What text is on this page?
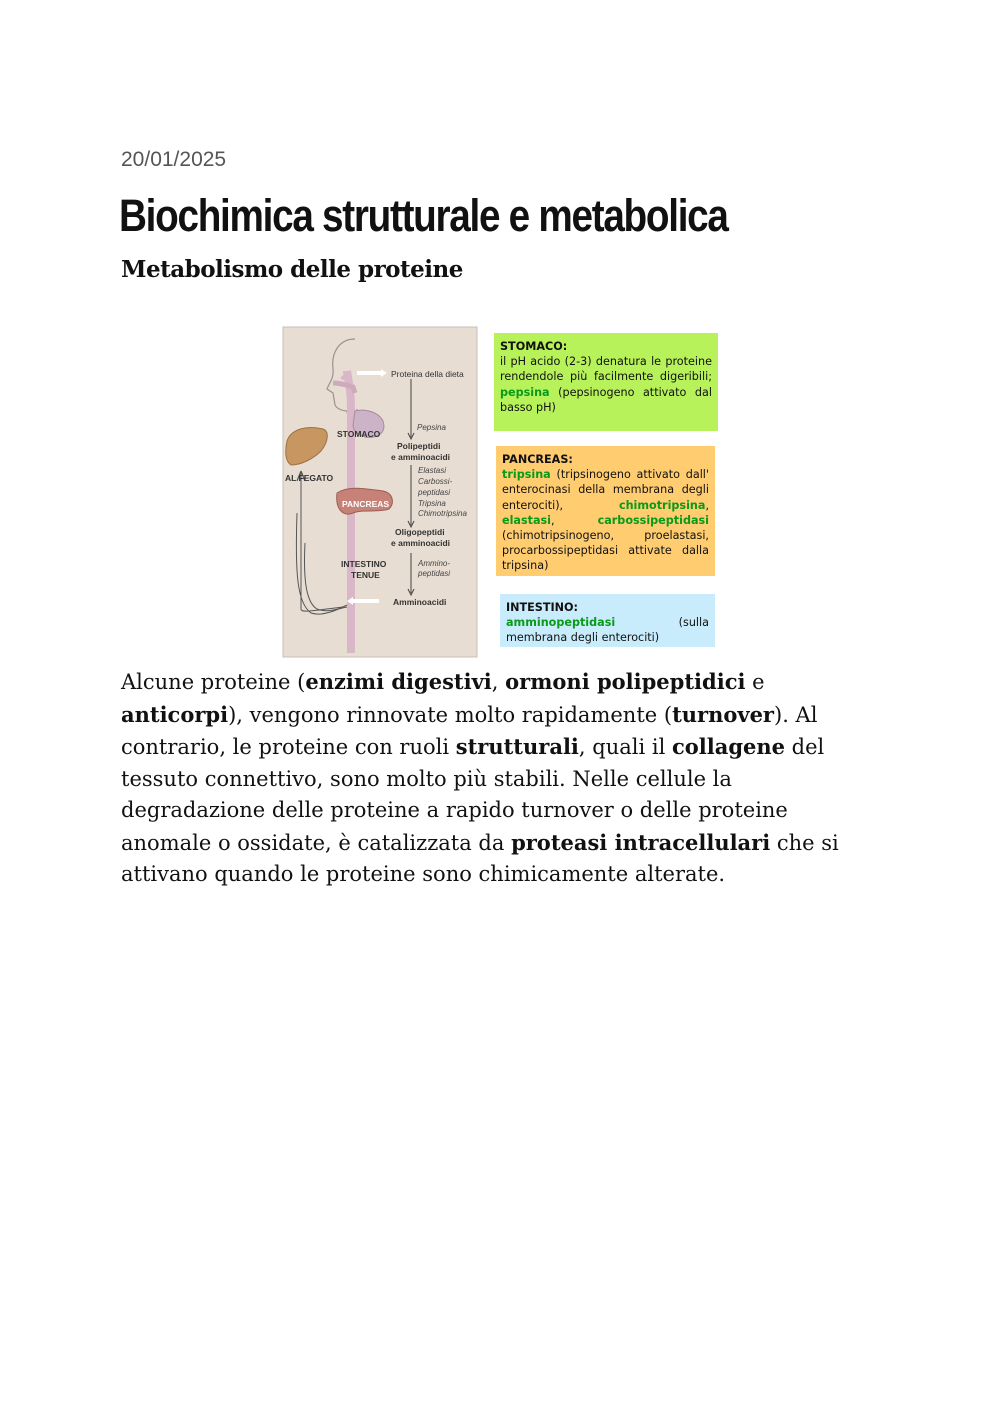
20/01/2025
Biochimica strutturale e metabolica
Metabolismo delle proteine
Proteina della dieta
Pepsina
STOMACO
Polipeptidi
e amminoacidi
AL FEGATO
Elastasi
Carbossi-
peptidasi
Tripsina
Chimotripsina
PANCREAS
Oligopeptidi
e amminoacidi
INTESTINO
TENUE
Ammino-
peptidasi
Amminoacidi
STOMACO:
il pH acido (2-3) denatura le proteine rendendole più facilmente digeribili; pepsina (pepsinogeno attivato dal basso pH)
PANCREAS:
tripsina (tripsinogeno attivato dall' enterocinasi della membrana degli enterociti),	chimotripsina, elastasi,	carbossipeptidasi (chimotripsinogeno, proelastasi, procarbossipeptidasi attivate dalla tripsina)
INTESTINO:
amminopeptidasi	(sulla membrana degli enterociti)

Alcune proteine (enzimi digestivi, ormoni polipeptidici e anticorpi), vengono rinnovate molto rapidamente (turnover). Al contrario, le proteine con ruoli strutturali, quali il collagene del tessuto connettivo, sono molto più stabili. Nelle cellule la degradazione delle proteine a rapido turnover o delle proteine anomale o ossidate, è catalizzata da proteasi intracellulari che si attivano quando le proteine sono chimicamente alterate.
